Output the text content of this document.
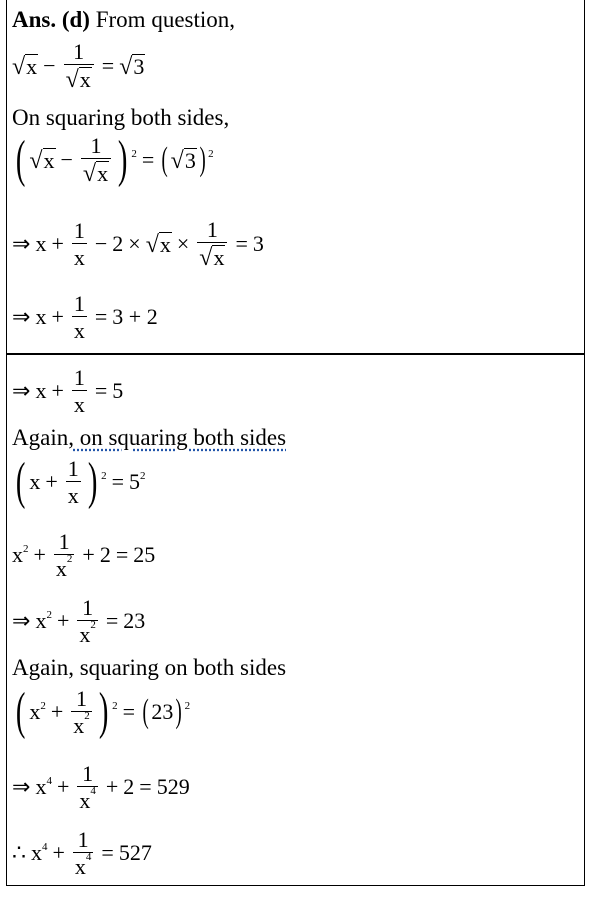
Ans. (d) From question,
√ $x - \frac{1}{√ x}$ = √ 3
On squaring both sides,
( √ $x - \frac{1}{√ x}$ ) 2 = ( √ 3 ) 2
⇒ $x + \frac{1}{x} - 2$ × √ $x \times \frac{1}{√ x} = 3$
⇒ $x + \frac{1}{x} = 3 + 2$
⇒ $x + \frac{1}{x} = 5$
Again, on squaring both sides
( $x + \frac{1}{x}$ ) 2 = 5 2
x $2 + \frac{1}{x^2} + 2 = 25$
⇒ x $2 + \frac{1}{x^2} = 23$
Again, squaring on both sides
( x $2 + \frac{1}{x^2}$ ) 2 = ( 23 ) 2
⇒ x $4 + \frac{1}{x^4} + 2 = 529$
∴ x $4 + \frac{1}{x^4} = 527$
